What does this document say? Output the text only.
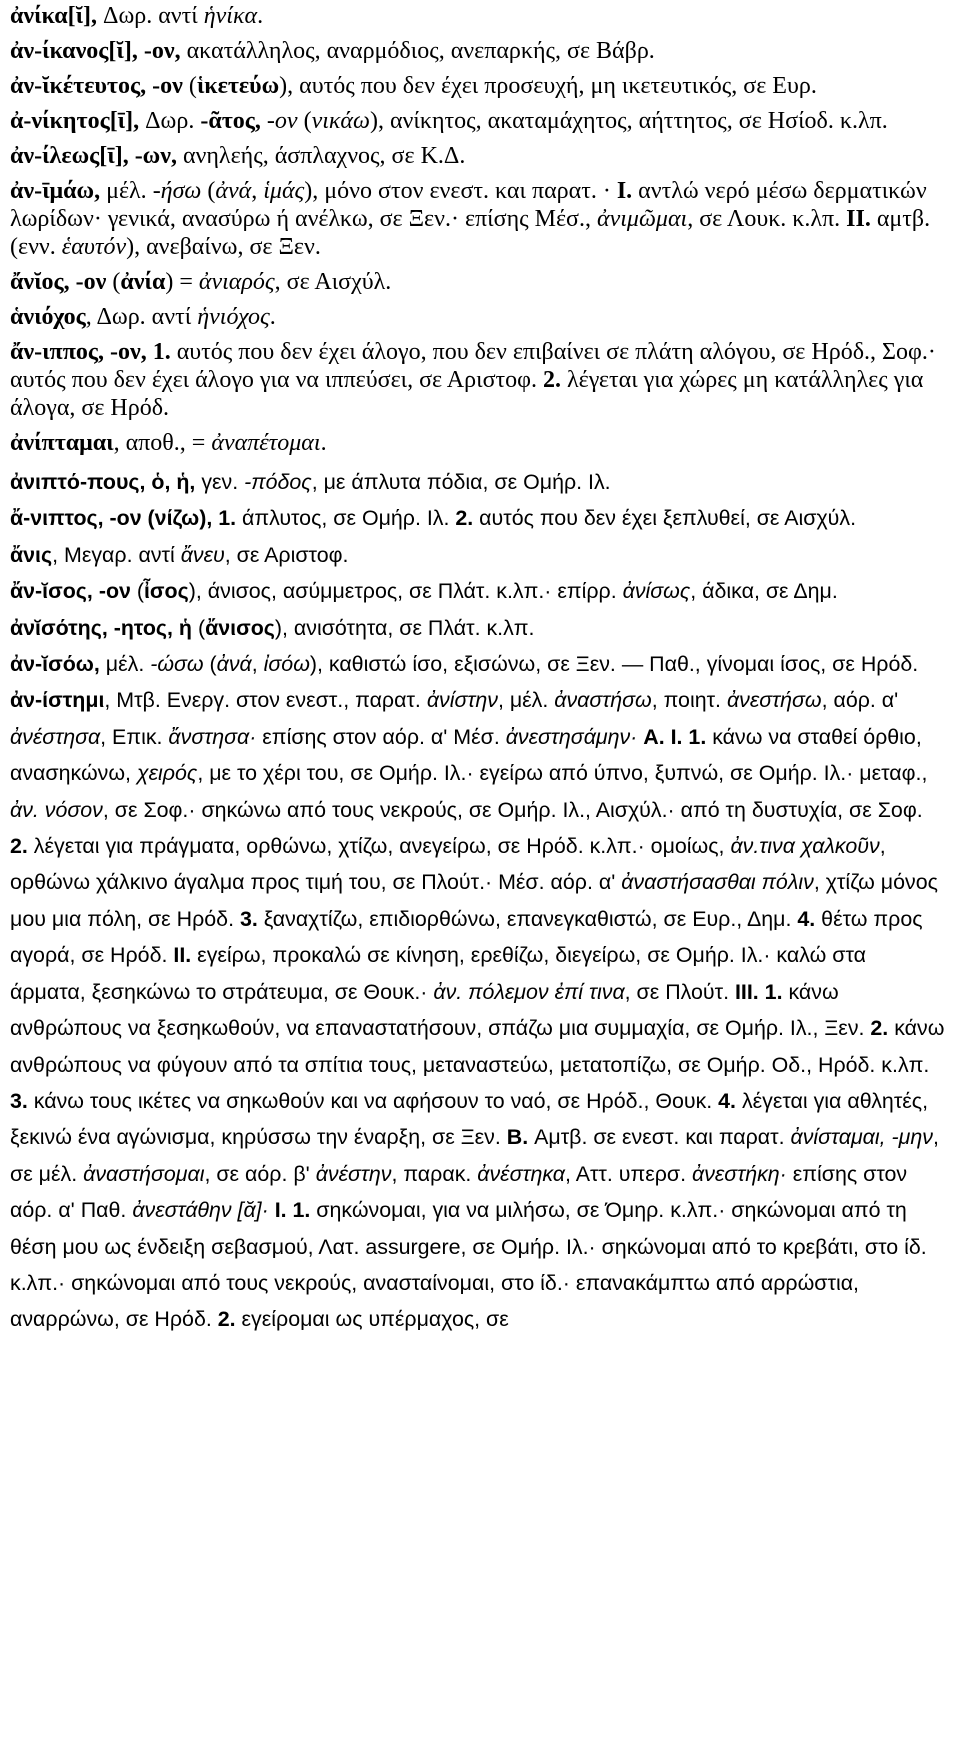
ἀνίκα[ῐ], Δωρ. αντί ἡνίκα.

ἀν-ίκανος[ῐ], -ον, ακατάλληλος, αναρμόδιος, ανεπαρκής, σε Βάβρ.

ἀν-ῐκέτευτος, -ον (ἱκετεύω), αυτός που δεν έχει προσευχή, μη ικετευτικός, σε Ευρ.

ἀ-νίκητος[ῑ], Δωρ. -ᾶτος, -ον (νικάω), ανίκητος, ακαταμάχητος, αήττητος, σε Ησίοδ. κ.λπ.

ἀν-ίλεως[ῑ], -ων, ανηλεής, άσπλαχνος, σε Κ.Δ.

ἀν-ῑμάω, μέλ. -ήσω (ἀνά, ἱμάς), μόνο στον ενεστ. και παρατ. · I. αντλώ νερό μέσω δερματικών λωρίδων· γενικά, ανασύρω ή ανέλκω, σε Ξεν.· επίσης Μέσ., ἀνιμῶμαι, σε Λουκ. κ.λπ. II. αμτβ. (ενν. ἑαυτόν), ανεβαίνω, σε Ξεν.

ἄνῐος, -ον (ἀνία) = ἀνιαρός, σε Αισχύλ.

ἁνιόχος, Δωρ. αντί ἡνιόχος.

ἄν-ιππος, -ον, 1. αυτός που δεν έχει άλογο, που δεν επιβαίνει σε πλάτη αλόγου, σε Ηρόδ., Σοφ.· αυτός που δεν έχει άλογο για να ιππεύσει, σε Αριστοφ. 2. λέγεται για χώρες μη κατάλληλες για άλογα, σε Ηρόδ.

ἀνίπταμαι, αποθ., = ἀναπέτομαι.

ἀνιπτό-πους, ὁ, ἡ, γεν. -πόδος, με άπλυτα πόδια, σε Ομήρ. Ιλ.

ἄ-νιπτος, -ον (νίζω), 1. άπλυτος, σε Ομήρ. Ιλ. 2. αυτός που δεν έχει ξεπλυθεί, σε Αισχύλ.

ἄνις, Μεγαρ. αντί ἄνευ, σε Αριστοφ.

ἄν-ῐσος, -ον (ἶσος), άνισος, ασύμμετρος, σε Πλάτ. κ.λπ.· επίρρ. ἀνίσως, άδικα, σε Δημ.

ἀνῐσότης, -ητος, ἡ (ἄνισος), ανισότητα, σε Πλάτ. κ.λπ.

ἀν-ῐσόω, μέλ. -ώσω (ἀνά, ἰσόω), καθιστώ ίσο, εξισώνω, σε Ξεν. — Παθ., γίνομαι ίσος, σε Ηρόδ.

ἀν-ίστημι, Μτβ. Ενεργ. στον ενεστ., παρατ. ἀνίστην, μέλ. ἀναστήσω, ποιητ. ἀνεστήσω, αόρ. α' ἀνέστησα, Επικ. ἄνστησα· επίσης στον αόρ. α' Μέσ. ἀνεστησάμην· A. I. 1. κάνω να σταθεί όρθιο, ανασηκώνω, χειρός, με το χέρι του, σε Ομήρ. Ιλ.· εγείρω από ύπνο, ξυπνώ, σε Ομήρ. Ιλ.· μεταφ., ἀν. νόσον, σε Σοφ.· σηκώνω από τους νεκρούς, σε Ομήρ. Ιλ., Αισχύλ.· από τη δυστυχία, σε Σοφ. 2. λέγεται για πράγματα, ορθώνω, χτίζω, ανεγείρω, σε Ηρόδ. κ.λπ.· ομοίως, ἀν.τινα χαλκοῦν, ορθώνω χάλκινο άγαλμα προς τιμή του, σε Πλούτ.· Μέσ. αόρ. α' ἀναστήσασθαι πόλιν, χτίζω μόνος μου μια πόλη, σε Ηρόδ. 3. ξαναχτίζω, επιδιορθώνω, επανεγκαθιστώ, σε Ευρ., Δημ. 4. θέτω προς αγορά, σε Ηρόδ. II. εγείρω, προκαλώ σε κίνηση, ερεθίζω, διεγείρω, σε Ομήρ. Ιλ.· καλώ στα άρματα, ξεσηκώνω το στράτευμα, σε Θουκ.· ἀν. πόλεμον ἐπί τινα, σε Πλούτ. III. 1. κάνω ανθρώπους να ξεσηκωθούν, να επαναστατήσουν, σπάζω μια συμμαχία, σε Ομήρ. Ιλ., Ξεν. 2. κάνω ανθρώπους να φύγουν από τα σπίτια τους, μεταναστεύω, μετατοπίζω, σε Ομήρ. Οδ., Ηρόδ. κ.λπ. 3. κάνω τους ικέτες να σηκωθούν και να αφήσουν το ναό, σε Ηρόδ., Θουκ. 4. λέγεται για αθλητές, ξεκινώ ένα αγώνισμα, κηρύσσω την έναρξη, σε Ξεν. B. Αμτβ. σε ενεστ. και παρατ. ἀνίσταμαι, -μην, σε μέλ. ἀναστήσομαι, σε αόρ. β' ἀνέστην, παρακ. ἀνέστηκα, Αττ. υπερσ. ἀνεστήκη· επίσης στον αόρ. α' Παθ. ἀνεστάθην [ᾰ]· I. 1. σηκώνομαι, για να μιλήσω, σε Όμηρ. κ.λπ.· σηκώνομαι από τη θέση μου ως ένδειξη σεβασμού, Λατ. assurgere, σε Ομήρ. Ιλ.· σηκώνομαι από το κρεβάτι, στο ίδ. κ.λπ.· σηκώνομαι από τους νεκρούς, ανασταίνομαι, στο ίδ.· επανακάμπτω από αρρώστια, αναρρώνω, σε Ηρόδ. 2. εγείρομαι ως υπέρμαχος, σε
